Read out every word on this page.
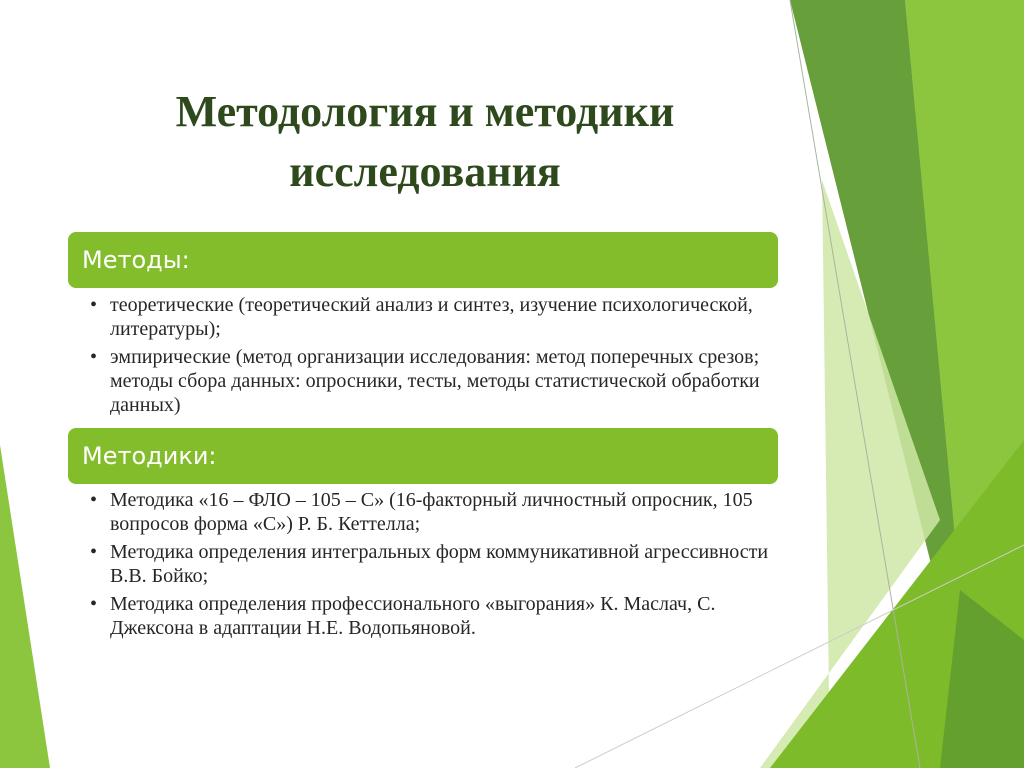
Методология и методики
исследования
Методы:
• теоретические (теоретический анализ и синтез, изучение психологической, литературы);
• эмпирические (метод организации исследования: метод поперечных срезов; методы сбора данных: опросники, тесты, методы статистической обработки данных)
Методики:
• Методика «16 – ФЛО – 105 – С» (16-факторный личностный опросник, 105 вопросов форма «С») Р. Б. Кеттелла;
• Методика определения интегральных форм коммуникативной агрессивности В.В. Бойко;
• Методика определения профессионального «выгорания» К. Маслач, С. Джексона в адаптации Н.Е. Водопьяновой.
